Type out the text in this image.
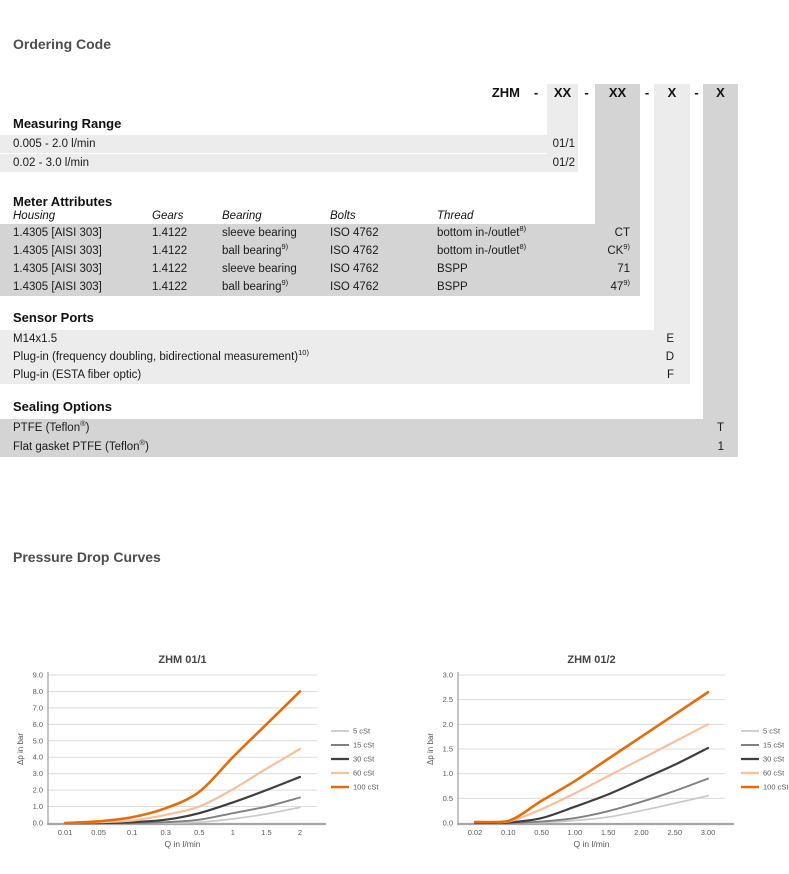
Ordering Code
ZHM	-	XX	-	XX	-	X	-	X
Measuring Range
0.005 - 2.0 l/min	01/1
0.02 - 3.0 l/min	01/2
Meter Attributes
Housing	Gears	Bearing	Bolts	Thread
1.4305 [AISI 303]	1.4122	sleeve bearing	ISO 4762	bottom in-/outlet$^{8)}$	CT
1.4305 [AISI 303]	1.4122	ball bearing$^{9)}$	ISO 4762	bottom in-/outlet$^{8)}$	CK$^{9)}$
1.4305 [AISI 303]	1.4122	sleeve bearing	ISO 4762	BSPP	71
1.4305 [AISI 303]	1.4122	ball bearing$^{9)}$	ISO 4762	BSPP	47$^{9)}$
Sensor Ports
M14x1.5	E
Plug-in (frequency doubling, bidirectional measurement)$^{10)}$	D
Plug-in (ESTA fiber optic)	F
Sealing Options
PTFE (Teflon®)	T
Flat gasket PTFE (Teflon®)	1
Pressure Drop Curves
0.0
1.0
2.0
3.0
4.0
5.0
6.0
7.0
8.0
9.0
0.01	0.05	0.1	0.3	0.5	1	1.5	2
Q in l/min
Δp in bar
ZHM 01/1
5 cSt
15 cSt
30 cSt
60 cSt
100 cSt
0.0
0.5
1.0
1.5
2.0
2.5
3.0
0.02 0.10 0.50 1.00 1.50 2.00 2.50 3.00
Q in l/min
Δp in bar
ZHM 01/2
5 cSt
15 cSt
30 cSt
60 cSt
100 cSt
